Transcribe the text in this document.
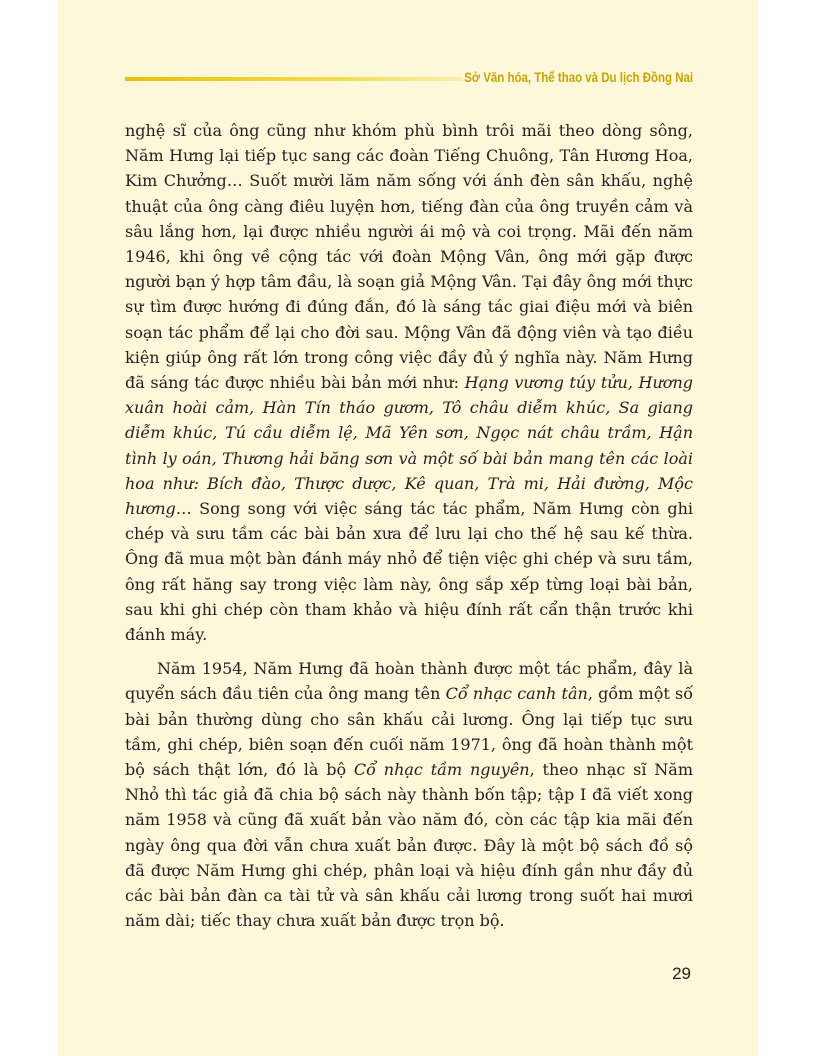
Sở Văn hóa, Thể thao và Du lịch Đồng Nai

nghệ sĩ của ông cũng như khóm phù bình trôi mãi theo dòng sông, Năm Hưng lại tiếp tục sang các đoàn Tiếng Chuông, Tân Hương Hoa, Kim Chưởng… Suốt mười lăm năm sống với ánh đèn sân khấu, nghệ thuật của ông càng điêu luyện hơn, tiếng đàn của ông truyền cảm và sâu lắng hơn, lại được nhiều người ái mộ và coi trọng. Mãi đến năm 1946, khi ông về cộng tác với đoàn Mộng Vân, ông mới gặp được người bạn ý hợp tâm đầu, là soạn giả Mộng Vân. Tại đây ông mới thực sự tìm được hướng đi đúng đắn, đó là sáng tác giai điệu mới và biên soạn tác phẩm để lại cho đời sau. Mộng Vân đã động viên và tạo điều kiện giúp ông rất lớn trong công việc đầy đủ ý nghĩa này. Năm Hưng đã sáng tác được nhiều bài bản mới như: Hạng vương túy tửu, Hương xuân hoài cảm, Hàn Tín tháo gươm, Tô châu diễm khúc, Sa giang diễm khúc, Tú cầu diễm lệ, Mã Yên sơn, Ngọc nát châu trầm, Hận tình ly oán, Thương hải băng sơn và một số bài bản mang tên các loài hoa như: Bích đào, Thược dược, Kê quan, Trà mi, Hải đường, Mộc hương… Song song với việc sáng tác tác phẩm, Năm Hưng còn ghi chép và sưu tầm các bài bản xưa để lưu lại cho thế hệ sau kế thừa. Ông đã mua một bàn đánh máy nhỏ để tiện việc ghi chép và sưu tầm, ông rất hăng say trong việc làm này, ông sắp xếp từng loại bài bản, sau khi ghi chép còn tham khảo và hiệu đính rất cẩn thận trước khi đánh máy.

Năm 1954, Năm Hưng đã hoàn thành được một tác phẩm, đây là quyển sách đầu tiên của ông mang tên Cổ nhạc canh tân, gồm một số bài bản thường dùng cho sân khấu cải lương. Ông lại tiếp tục sưu tầm, ghi chép, biên soạn đến cuối năm 1971, ông đã hoàn thành một bộ sách thật lớn, đó là bộ Cổ nhạc tầm nguyên, theo nhạc sĩ Năm Nhỏ thì tác giả đã chia bộ sách này thành bốn tập; tập I đã viết xong năm 1958 và cũng đã xuất bản vào năm đó, còn các tập kia mãi đến ngày ông qua đời vẫn chưa xuất bản được. Đây là một bộ sách đồ sộ đã được Năm Hưng ghi chép, phân loại và hiệu đính gần như đầy đủ các bài bản đàn ca tài tử và sân khấu cải lương trong suốt hai mươi năm dài; tiếc thay chưa xuất bản được trọn bộ.

29
